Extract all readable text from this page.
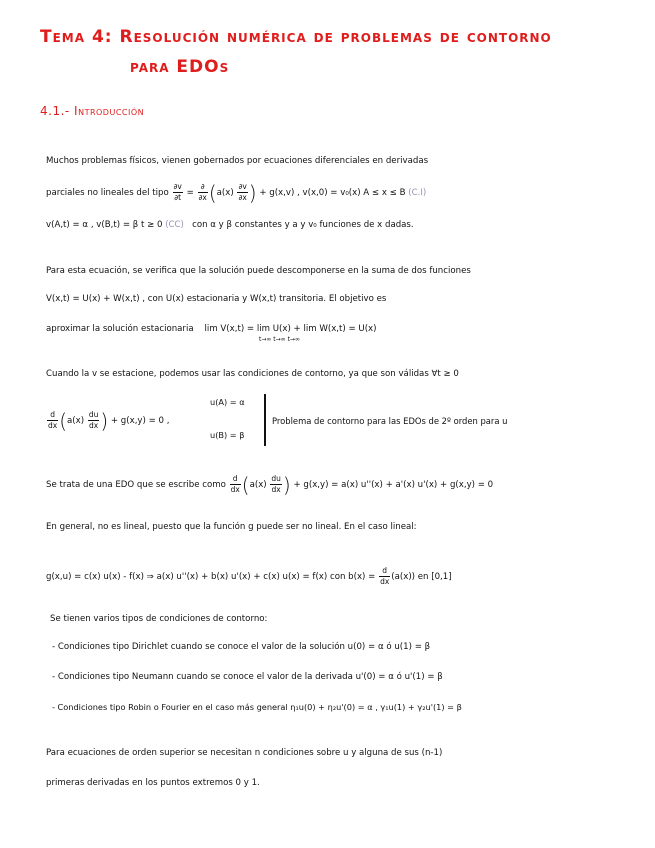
Tema 4: Resolución numérica de problemas de contorno
para EDOs
4.1.- Introducción
Muchos problemas físicos, vienen gobernados por ecuaciones diferenciales en derivadas
parciales no lineales del tipo $\frac{\partial v}{\partial t} = \frac{\partial}{\partial x} (a(x) \frac{\partial v}{\partial x}$ ) + g(x,v) , v(x,0) = v₀(x) A ≤ x ≤ B (C.I)
v(A,t) = α , v(B,t) = β t ≥ 0 (CC) con α y β constantes y a y v₀ funciones de x dadas.
Para esta ecuación, se verifica que la solución puede descomponerse en la suma de dos funciones
V(x,t) = U(x) + W(x,t) , con U(x) estacionaria y W(x,t) transitoria. El objetivo es
aproximar la solución estacionaria lim V(x,t) = lim U(x) + lim W(x,t) = U(x)
t→∞ t→∞ t→∞
Cuando la v se estacione, podemos usar las condiciones de contorno, ya que son válidas ∀t ≥ 0
$\frac{d}{dx} (a(x) \frac{du}{dx}$ ) + g(x,y) = 0 ,
u(A) = α
u(B) = β
Problema de contorno para las EDOs de 2º orden para u
Se trata de una EDO que se escribe como $\frac{d}{dx} (a(x) \frac{du}{dx}$ ) + g(x,y) = a(x) u''(x) + a'(x) u'(x) + g(x,y) = 0
En general, no es lineal, puesto que la función g puede ser no lineal. En el caso lineal:
g(x,u) = c(x) u(x) - f(x) ⇒ a(x) u''(x) + b(x) u'(x) + c(x) u(x) = f(x) con $b(x) = \frac{d}{dx} (a(x))$ en [0,1]
Se tienen varios tipos de condiciones de contorno:
- Condiciones tipo Dirichlet cuando se conoce el valor de la solución u(0) = α ó u(1) = β
- Condiciones tipo Neumann cuando se conoce el valor de la derivada u'(0) = α ó u'(1) = β
- Condiciones tipo Robin o Fourier en el caso más general η₁u(0) + η₂u'(0) = α , γ₁u(1) + γ₂u'(1) = β
Para ecuaciones de orden superior se necesitan n condiciones sobre u y alguna de sus (n-1)
primeras derivadas en los puntos extremos 0 y 1.
